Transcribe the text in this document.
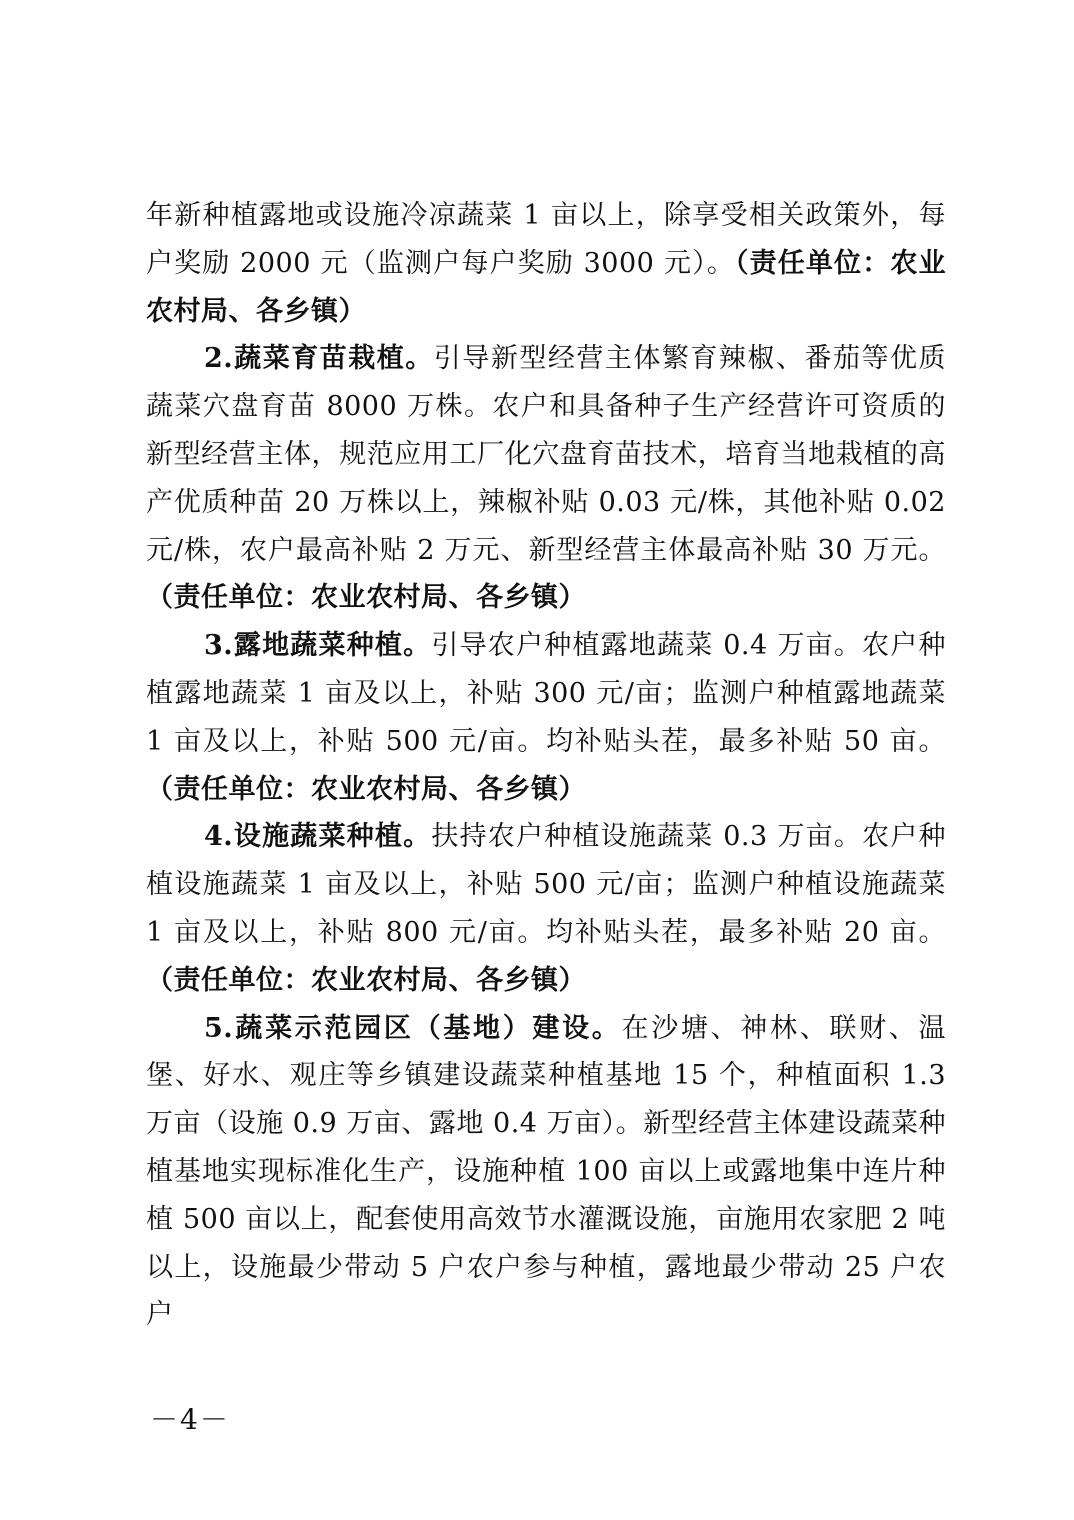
年新种植露地或设施冷凉蔬菜 1 亩以上，除享受相关政策外，每户奖励 2000 元（监测户每户奖励 3000 元）。（责任单位：农业农村局、各乡镇）

2.蔬菜育苗栽植。引导新型经营主体繁育辣椒、番茄等优质蔬菜穴盘育苗 8000 万株。农户和具备种子生产经营许可资质的新型经营主体，规范应用工厂化穴盘育苗技术，培育当地栽植的高产优质种苗 20 万株以上，辣椒补贴 0.03 元/株，其他补贴 0.02 元/株，农户最高补贴 2 万元、新型经营主体最高补贴 30 万元。（责任单位：农业农村局、各乡镇）

3.露地蔬菜种植。引导农户种植露地蔬菜 0.4 万亩。农户种植露地蔬菜 1 亩及以上，补贴 300 元/亩；监测户种植露地蔬菜 1 亩及以上，补贴 500 元/亩。均补贴头茬，最多补贴 50 亩。（责任单位：农业农村局、各乡镇）

4.设施蔬菜种植。扶持农户种植设施蔬菜 0.3 万亩。农户种植设施蔬菜 1 亩及以上，补贴 500 元/亩；监测户种植设施蔬菜 1 亩及以上，补贴 800 元/亩。均补贴头茬，最多补贴 20 亩。（责任单位：农业农村局、各乡镇）

5.蔬菜示范园区（基地）建设。在沙塘、神林、联财、温堡、好水、观庄等乡镇建设蔬菜种植基地 15 个，种植面积 1.3 万亩（设施 0.9 万亩、露地 0.4 万亩）。新型经营主体建设蔬菜种植基地实现标准化生产，设施种植 100 亩以上或露地集中连片种植 500 亩以上，配套使用高效节水灌溉设施，亩施用农家肥 2 吨以上，设施最少带动 5 户农户参与种植，露地最少带动 25 户农户

－4－
